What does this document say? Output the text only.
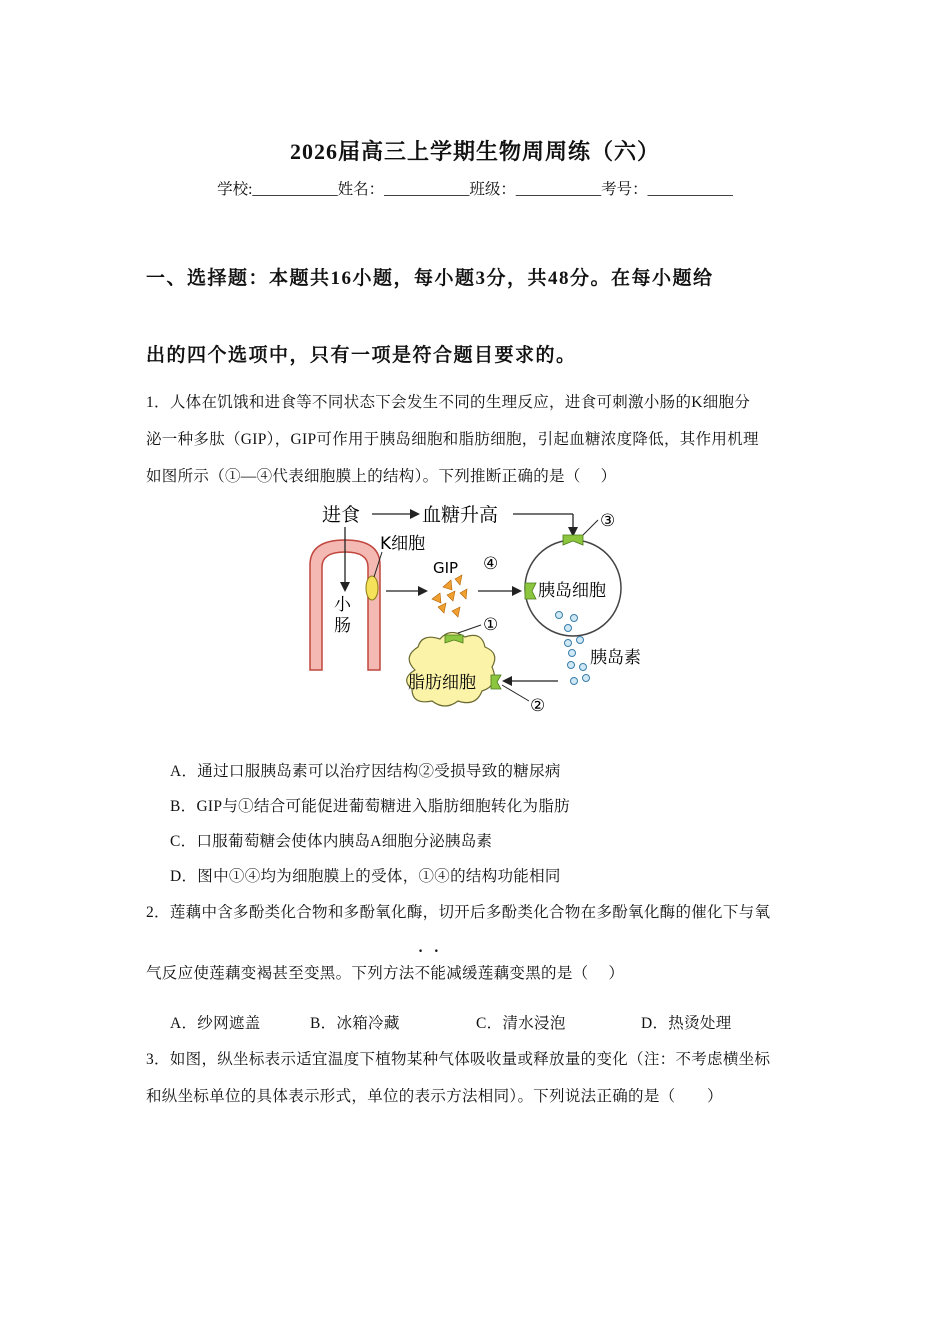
2026届高三上学期生物周周练（六）
学校:___________姓名：___________班级：___________考号：___________
一、选择题：本题共16小题，每小题3分，共48分。在每小题给
出的四个选项中，只有一项是符合题目要求的。
1．人体在饥饿和进食等不同状态下会发生不同的生理反应，进食可刺激小肠的K细胞分
泌一种多肽（GIP），GIP可作用于胰岛细胞和脂肪细胞，引起血糖浓度降低，其作用机理
如图所示（①—④代表细胞膜上的结构）。下列推断正确的是（　 ）
进食	血糖升高
小
肠
K细胞
GIP ④
胰岛细胞
③
胰岛素
脂肪细胞
①
②
A．通过口服胰岛素可以治疗因结构②受损导致的糖尿病
B．GIP与①结合可能促进葡萄糖进入脂肪细胞转化为脂肪
C．口服葡萄糖会使体内胰岛A细胞分泌胰岛素
D．图中①④均为细胞膜上的受体，①④的结构功能相同
2．莲藕中含多酚类化合物和多酚氧化酶，切开后多酚类化合物在多酚氧化酶的催化下与氧
气反应使莲藕变褐甚至变黑。下列方法不能减缓莲藕变黑的是（　 ）
A．纱网遮盖	B．冰箱冷藏	C．清水浸泡	D．热烫处理
3．如图，纵坐标表示适宜温度下植物某种气体吸收量或释放量的变化（注：不考虑横坐标
和纵坐标单位的具体表示形式，单位的表示方法相同）。下列说法正确的是（　　）
